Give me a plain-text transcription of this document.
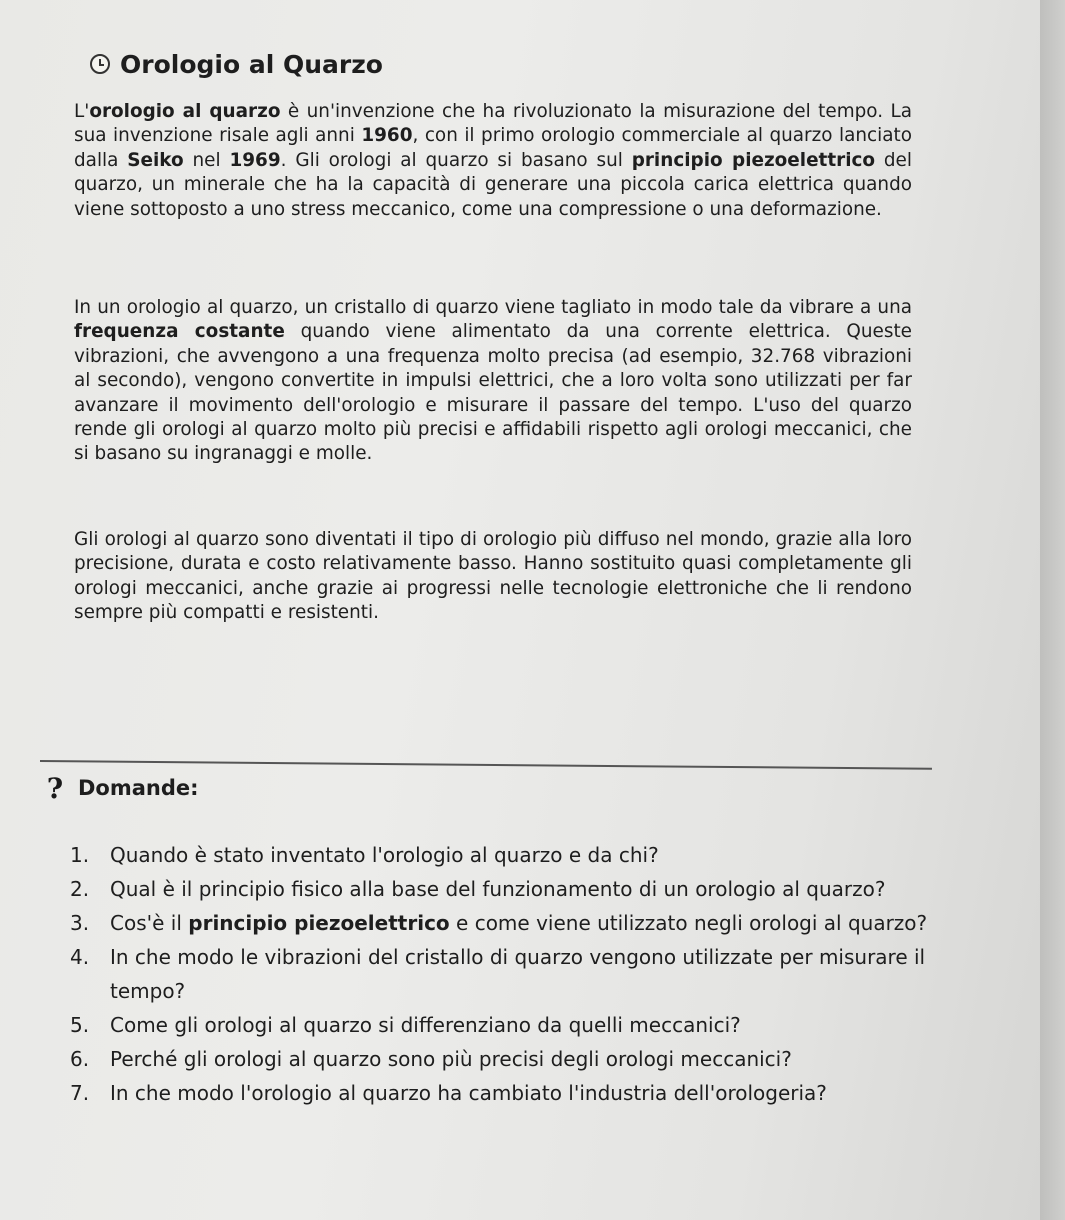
Orologio al Quarzo
L'orologio al quarzo è un'invenzione che ha rivoluzionato la misurazione del tempo. La sua invenzione risale agli anni 1960, con il primo orologio commerciale al quarzo lanciato dalla Seiko nel 1969. Gli orologi al quarzo si basano sul principio piezoelettrico del quarzo, un minerale che ha la capacità di generare una piccola carica elettrica quando viene sottoposto a uno stress meccanico, come una compressione o una deformazione.
In un orologio al quarzo, un cristallo di quarzo viene tagliato in modo tale da vibrare a una frequenza costante quando viene alimentato da una corrente elettrica. Queste vibrazioni, che avvengono a una frequenza molto precisa (ad esempio, 32.768 vibrazioni al secondo), vengono convertite in impulsi elettrici, che a loro volta sono utilizzati per far avanzare il movimento dell'orologio e misurare il passare del tempo. L'uso del quarzo rende gli orologi al quarzo molto più precisi e affidabili rispetto agli orologi meccanici, che si basano su ingranaggi e molle.
Gli orologi al quarzo sono diventati il tipo di orologio più diffuso nel mondo, grazie alla loro precisione, durata e costo relativamente basso. Hanno sostituito quasi completamente gli orologi meccanici, anche grazie ai progressi nelle tecnologie elettroniche che li rendono sempre più compatti e resistenti.
? Domande:
1.	Quando è stato inventato l'orologio al quarzo e da chi?
2.	Qual è il principio fisico alla base del funzionamento di un orologio al quarzo?
3.	Cos'è il principio piezoelettrico e come viene utilizzato negli orologi al quarzo?
4.	In che modo le vibrazioni del cristallo di quarzo vengono utilizzate per misurare il tempo?
5.	Come gli orologi al quarzo si differenziano da quelli meccanici?
6.	Perché gli orologi al quarzo sono più precisi degli orologi meccanici?
7.	In che modo l'orologio al quarzo ha cambiato l'industria dell'orologeria?
